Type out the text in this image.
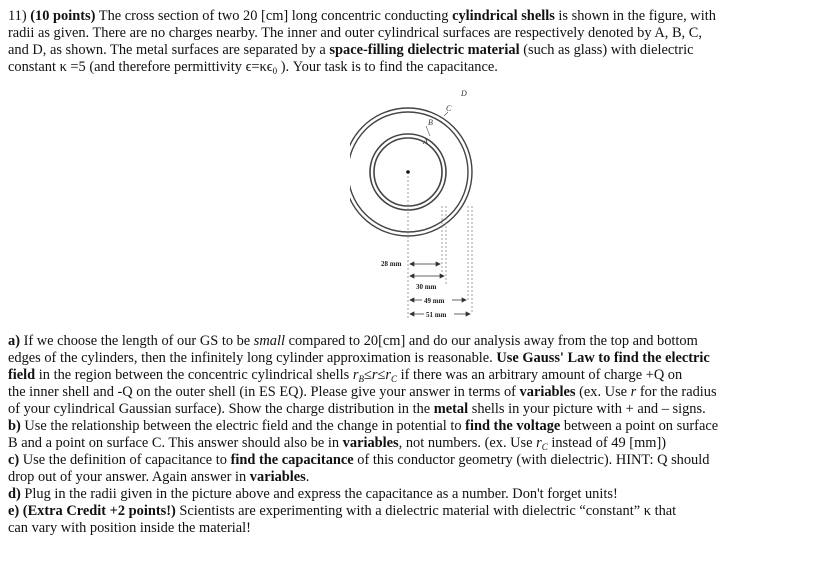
11) (10 points) The cross section of two 20 [cm] long concentric conducting cylindrical shells is shown in the figure, with
radii as given. There are no charges nearby. The inner and outer cylindrical surfaces are respectively denoted by A, B, C,
and D, as shown. The metal surfaces are separated by a space-filling dielectric material (such as glass) with dielectric
constant κ =5 (and therefore permittivity $\epsilon=\kappa\epsilon_0$ ). Your task is to find the capacitance.
A
B
C
D
28 mm
30 mm
49 mm
51 mm
a) If we choose the length of our GS to be small compared to 20[cm] and do our analysis away from the top and bottom
edges of the cylinders, then the infinitely long cylinder approximation is reasonable. Use Gauss' Law to find the electric
field in the region between the concentric cylindrical shells $r_B\le r\le r_C$ if there was an arbitrary amount of charge +Q on
the inner shell and -Q on the outer shell (in ES EQ). Please give your answer in terms of variables (ex. Use r for the radius
of your cylindrical Gaussian surface). Show the charge distribution in the metal shells in your picture with + and – signs.
b) Use the relationship between the electric field and the change in potential to find the voltage between a point on surface
B and a point on surface C. This answer should also be in variables, not numbers. (ex. Use $r_C$ instead of 49 [mm])
c) Use the definition of capacitance to find the capacitance of this conductor geometry (with dielectric). HINT: Q should
drop out of your answer. Again answer in variables.
d) Plug in the radii given in the picture above and express the capacitance as a number. Don't forget units!
e) (Extra Credit +2 points!) Scientists are experimenting with a dielectric material with dielectric “constant” κ that
can vary with position inside the material!
